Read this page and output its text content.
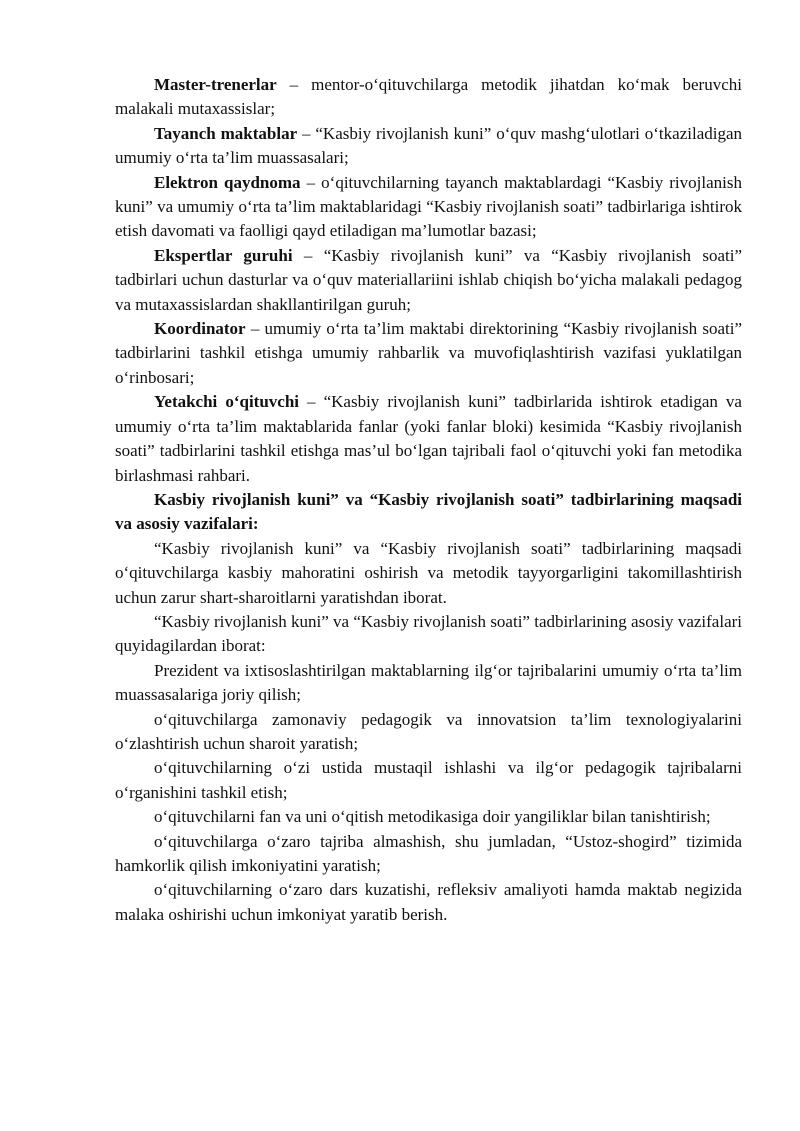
Master-trenerlar – mentor-o‘qituvchilarga metodik jihatdan ko‘mak beruvchi malakali mutaxassislar;

Tayanch maktablar – “Kasbiy rivojlanish kuni” o‘quv mashg‘ulotlari o‘tkaziladigan umumiy o‘rta ta’lim muassasalari;

Elektron qaydnoma – o‘qituvchilarning tayanch maktablardagi “Kasbiy rivojlanish kuni” va umumiy o‘rta ta’lim maktablaridagi “Kasbiy rivojlanish soati” tadbirlariga ishtirok etish davomati va faolligi qayd etiladigan ma’lumotlar bazasi;

Ekspertlar guruhi – “Kasbiy rivojlanish kuni” va “Kasbiy rivojlanish soati” tadbirlari uchun dasturlar va o‘quv materiallariini ishlab chiqish bo‘yicha malakali pedagog va mutaxassislardan shakllantirilgan guruh;

Koordinator – umumiy o‘rta ta’lim maktabi direktorining “Kasbiy rivojlanish soati” tadbirlarini tashkil etishga umumiy rahbarlik va muvofiqlashtirish vazifasi yuklatilgan o‘rinbosari;

Yetakchi o‘qituvchi – “Kasbiy rivojlanish kuni” tadbirlarida ishtirok etadigan va umumiy o‘rta ta’lim maktablarida fanlar (yoki fanlar bloki) kesimida “Kasbiy rivojlanish soati” tadbirlarini tashkil etishga mas’ul bo‘lgan tajribali faol o‘qituvchi yoki fan metodika birlashmasi rahbari.

Kasbiy rivojlanish kuni” va “Kasbiy rivojlanish soati” tadbirlarining maqsadi va asosiy vazifalari:

“Kasbiy rivojlanish kuni” va “Kasbiy rivojlanish soati” tadbirlarining maqsadi o‘qituvchilarga kasbiy mahoratini oshirish va metodik tayyorgarligini takomillashtirish uchun zarur shart-sharoitlarni yaratishdan iborat.

“Kasbiy rivojlanish kuni” va “Kasbiy rivojlanish soati” tadbirlarining asosiy vazifalari quyidagilardan iborat:

Prezident va ixtisoslashtirilgan maktablarning ilg‘or tajribalarini umumiy o‘rta ta’lim muassasalariga joriy qilish;

o‘qituvchilarga zamonaviy pedagogik va innovatsion ta’lim texnologiyalarini o‘zlashtirish uchun sharoit yaratish;

o‘qituvchilarning o‘zi ustida mustaqil ishlashi va ilg‘or pedagogik tajribalarni o‘rganishini tashkil etish;

o‘qituvchilarni fan va uni o‘qitish metodikasiga doir yangiliklar bilan tanishtirish;

o‘qituvchilarga o‘zaro tajriba almashish, shu jumladan, “Ustoz-shogird” tizimida hamkorlik qilish imkoniyatini yaratish;

o‘qituvchilarning o‘zaro dars kuzatishi, refleksiv amaliyoti hamda maktab negizida malaka oshirishi uchun imkoniyat yaratib berish.
